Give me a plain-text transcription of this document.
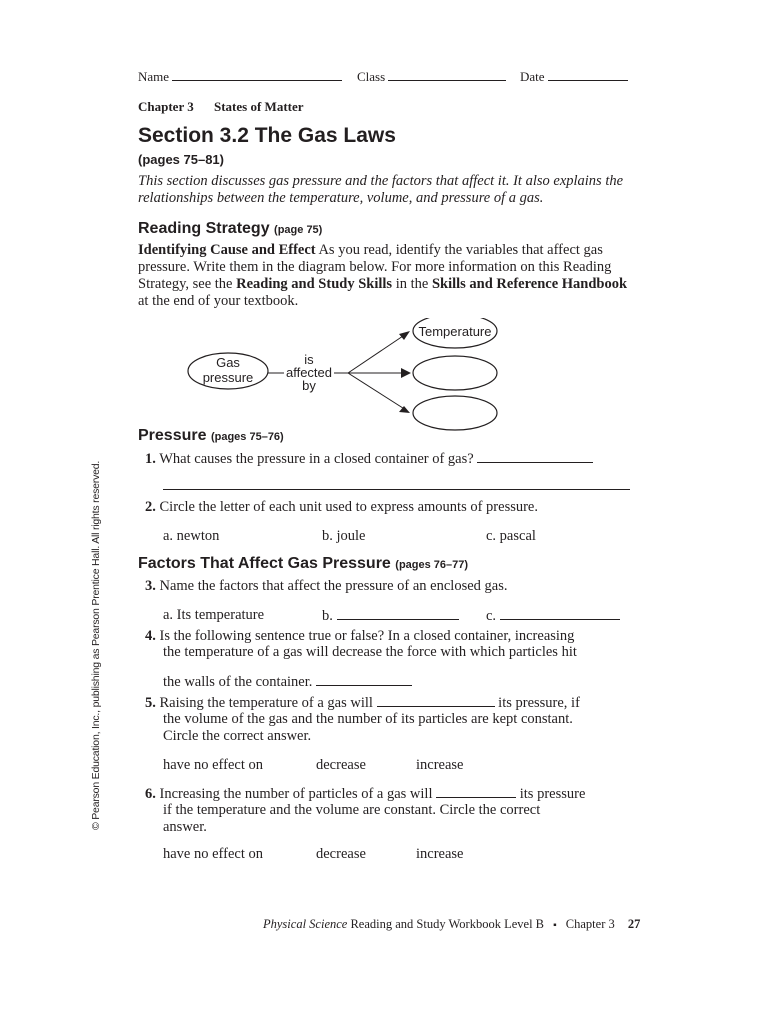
Name	Class	Date
Chapter 3 States of Matter
Section 3.2 The Gas Laws
(pages 75–81)
This section discusses gas pressure and the factors that affect it. It also explains the relationships between the temperature, volume, and pressure of a gas.
Reading Strategy (page 75)
Identifying Cause and Effect As you read, identify the variables that affect gas pressure. Write them in the diagram below. For more information on this Reading Strategy, see the Reading and Study Skills in the Skills and Reference Handbook at the end of your textbook.
Gas
pressure
is
affected
by
Temperature
Pressure (pages 75–76)
1. What causes the pressure in a closed container of gas?
2. Circle the letter of each unit used to express amounts of pressure.
a. newton	b. joule	c. pascal
Factors That Affect Gas Pressure (pages 76–77)
3. Name the factors that affect the pressure of an enclosed gas.
a. Its temperature	b.	c.
4. Is the following sentence true or false? In a closed container, increasing
the temperature of a gas will decrease the force with which particles hit
the walls of the container.
5. Raising the temperature of a gas will	its pressure, if
the volume of the gas and the number of its particles are kept constant.
Circle the correct answer.
have no effect on	decrease	increase
6. Increasing the number of particles of a gas will	its pressure
if the temperature and the volume are constant. Circle the correct
answer.
have no effect on	decrease	increase
© Pearson Education, Inc., publishing as Pearson Prentice Hall. All rights reserved.
Physical Science Reading and Study Workbook Level B ▪ Chapter 3 27
